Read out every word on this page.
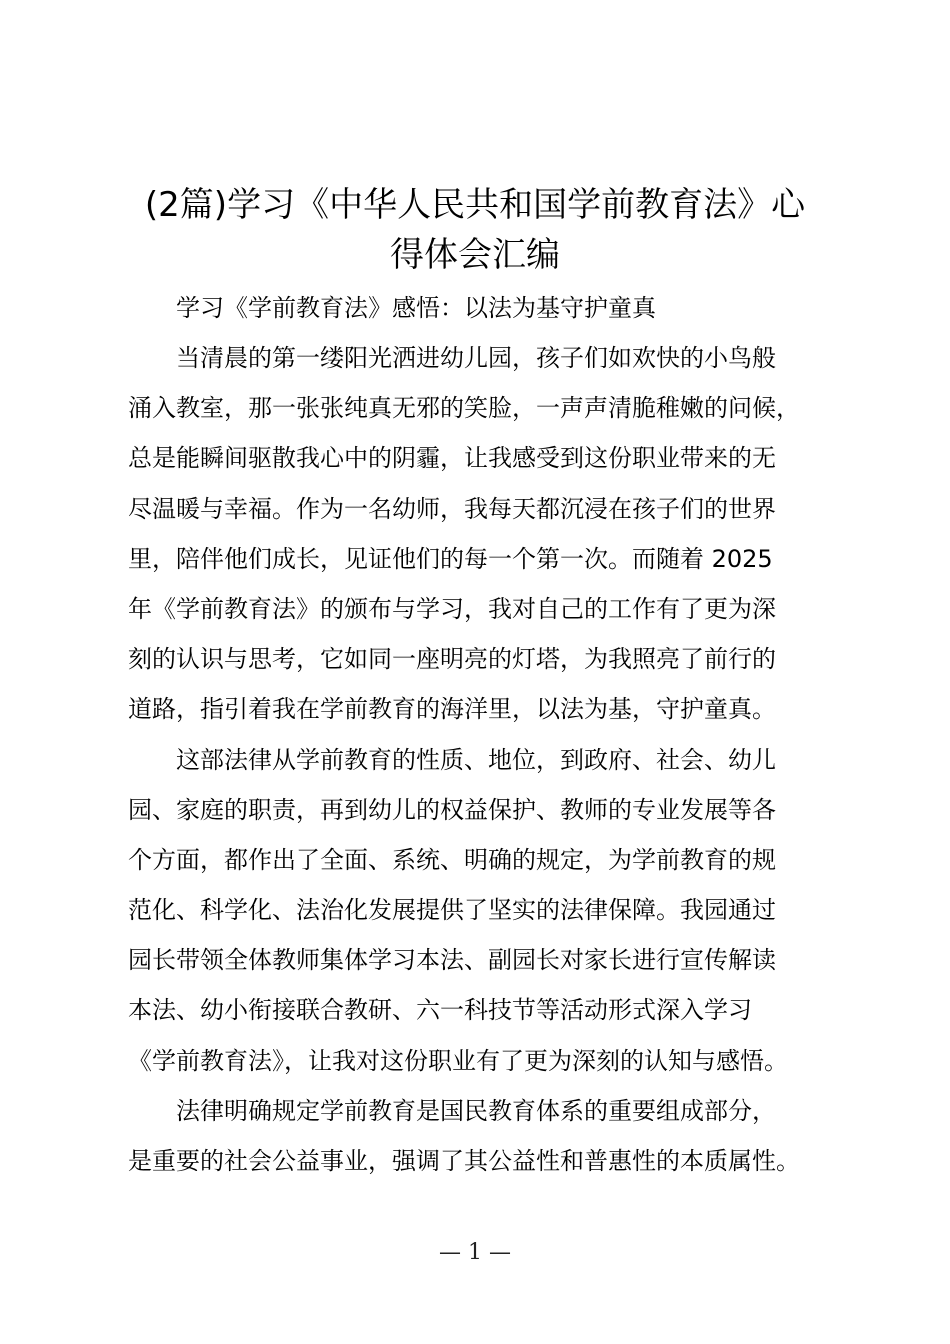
(2篇)学习《中华人民共和国学前教育法》心
得体会汇编

学习《学前教育法》感悟：以法为基守护童真

当清晨的第一缕阳光洒进幼儿园，孩子们如欢快的小鸟般
涌入教室，那一张张纯真无邪的笑脸，一声声清脆稚嫩的问候，
总是能瞬间驱散我心中的阴霾，让我感受到这份职业带来的无
尽温暖与幸福。作为一名幼师，我每天都沉浸在孩子们的世界
里，陪伴他们成长，见证他们的每一个第一次。而随着 2025
年《学前教育法》的颁布与学习，我对自己的工作有了更为深
刻的认识与思考，它如同一座明亮的灯塔，为我照亮了前行的
道路，指引着我在学前教育的海洋里，以法为基，守护童真。
这部法律从学前教育的性质、地位，到政府、社会、幼儿
园、家庭的职责，再到幼儿的权益保护、教师的专业发展等各
个方面，都作出了全面、系统、明确的规定，为学前教育的规
范化、科学化、法治化发展提供了坚实的法律保障。我园通过
园长带领全体教师集体学习本法、副园长对家长进行宣传解读
本法、幼小衔接联合教研、六一科技节等活动形式深入学习
《学前教育法》，让我对这份职业有了更为深刻的认知与感悟。
法律明确规定学前教育是国民教育体系的重要组成部分，
是重要的社会公益事业，强调了其公益性和普惠性的本质属性。
— 1 —
